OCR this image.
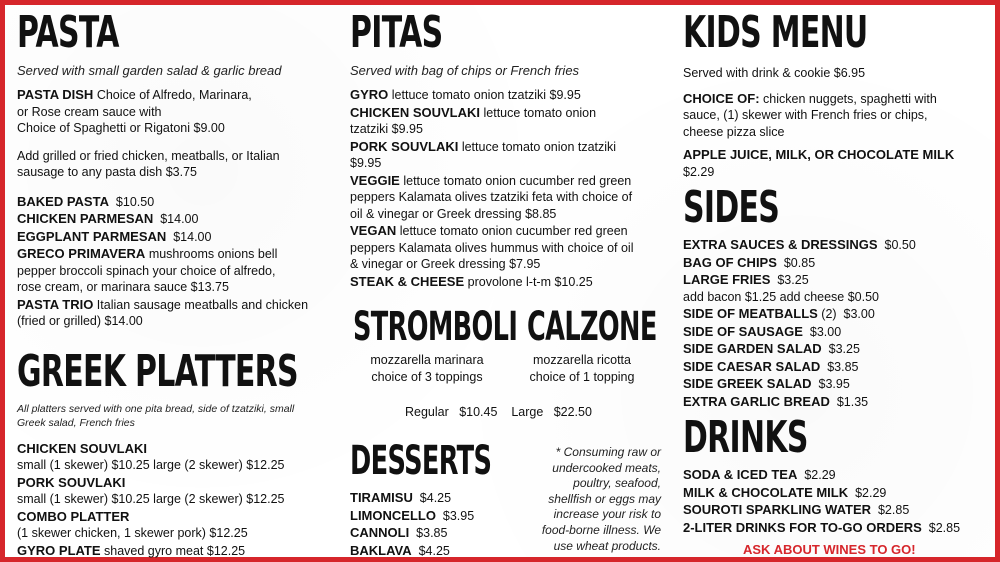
PASTA
Served with small garden salad & garlic bread
PASTA DISH Choice of Alfredo, Marinara,
or Rose cream sauce with
Choice of Spaghetti or Rigatoni $9.00
Add grilled or fried chicken, meatballs, or Italian
sausage to any pasta dish $3.75
BAKED PASTA $10.50
CHICKEN PARMESAN $14.00
EGGPLANT PARMESAN $14.00
GRECO PRIMAVERA mushrooms onions bell
pepper broccoli spinach your choice of alfredo,
rose cream, or marinara sauce $13.75
PASTA TRIO Italian sausage meatballs and chicken
(fried or grilled) $14.00
GREEK PLATTERS
All platters served with one pita bread, side of tzatziki, small
Greek salad, French fries
CHICKEN SOUVLAKI
small (1 skewer) $10.25 large (2 skewer) $12.25
PORK SOUVLAKI
small (1 skewer) $10.25 large (2 skewer) $12.25
COMBO PLATTER
(1 skewer chicken, 1 skewer pork) $12.25
GYRO PLATE shaved gyro meat $12.25
PITAS
Served with bag of chips or French fries
GYRO lettuce tomato onion tzatziki $9.95
CHICKEN SOUVLAKI lettuce tomato onion
tzatziki $9.95
PORK SOUVLAKI lettuce tomato onion tzatziki
$9.95
VEGGIE lettuce tomato onion cucumber red green
peppers Kalamata olives tzatziki feta with choice of
oil & vinegar or Greek dressing $8.85
VEGAN lettuce tomato onion cucumber red green
peppers Kalamata olives hummus with choice of oil
& vinegar or Greek dressing $7.95
STEAK & CHEESE provolone l-t-m $10.25
STROMBOLI
mozzarella marinara
choice of 3 toppings
CALZONE
mozzarella ricotta
choice of 1 topping
Regular   $10.45    Large   $22.50
DESSERTS
TIRAMISU $4.25
LIMONCELLO $3.95
CANNOLI $3.85
BAKLAVA $4.25
* Consuming raw or
undercooked meats,
poultry, seafood,
shellfish or eggs may
increase your risk to
food-borne illness. We
use wheat products.
KIDS MENU
Served with drink & cookie $6.95
CHOICE OF: chicken nuggets, spaghetti with
sauce, (1) skewer with French fries or chips,
cheese pizza slice
APPLE JUICE, MILK, OR CHOCOLATE MILK
$2.29
SIDES
EXTRA SAUCES & DRESSINGS $0.50
BAG OF CHIPS $0.85
LARGE FRIES $3.25
add bacon $1.25 add cheese $0.50
SIDE OF MEATBALLS (2) $3.00
SIDE OF SAUSAGE $3.00
SIDE GARDEN SALAD $3.25
SIDE CAESAR SALAD $3.85
SIDE GREEK SALAD $3.95
EXTRA GARLIC BREAD $1.35
DRINKS
SODA & ICED TEA $2.29
MILK & CHOCOLATE MILK $2.29
SOUROTI SPARKLING WATER $2.85
2-LITER DRINKS FOR TO-GO ORDERS $2.85
ASK ABOUT WINES TO GO!
